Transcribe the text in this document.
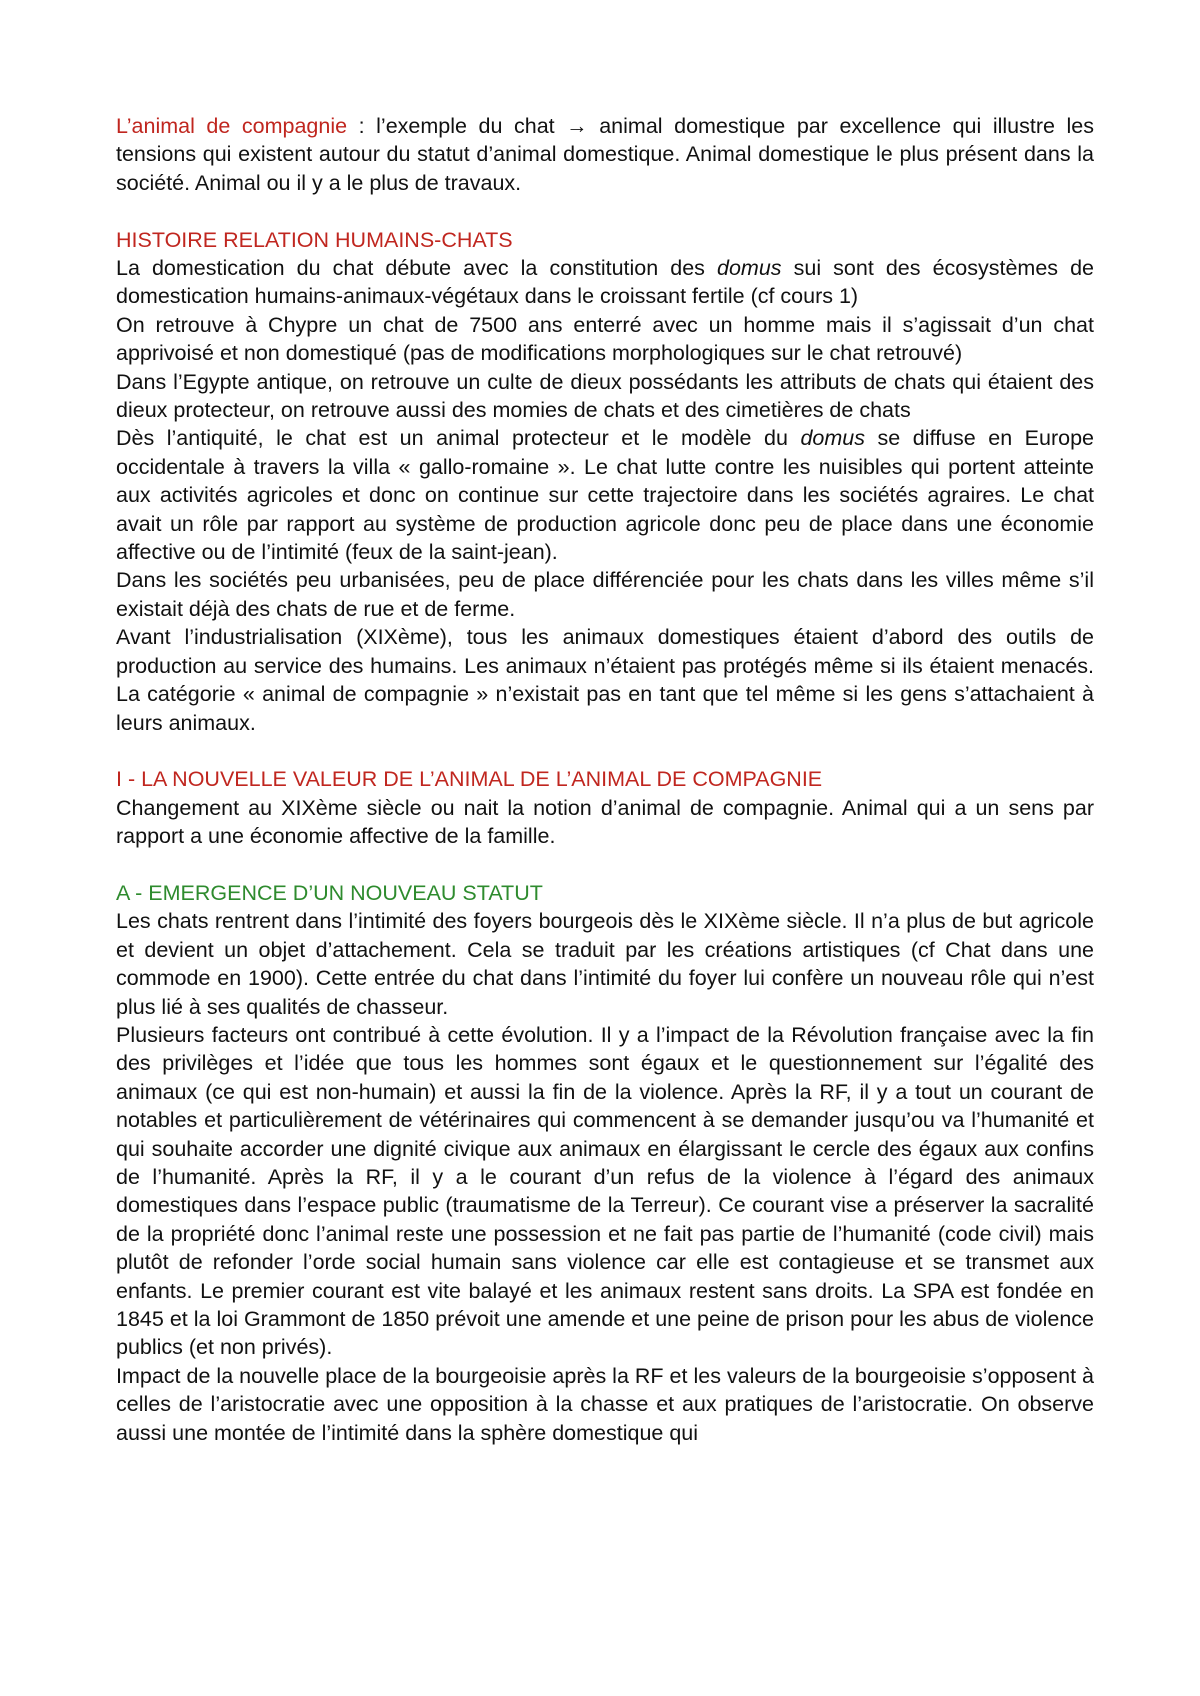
L’animal de compagnie : l’exemple du chat → animal domestique par excellence qui illustre les tensions qui existent autour du statut d’animal domestique. Animal domestique le plus présent dans la société. Animal ou il y a le plus de travaux.

HISTOIRE RELATION HUMAINS-CHATS

La domestication du chat débute avec la constitution des domus sui sont des écosystèmes de domestication humains-animaux-végétaux dans le croissant fertile (cf cours 1)

On retrouve à Chypre un chat de 7500 ans enterré avec un homme mais il s’agissait d’un chat apprivoisé et non domestiqué (pas de modifications morphologiques sur le chat retrouvé)

Dans l’Egypte antique, on retrouve un culte de dieux possédants les attributs de chats qui étaient des dieux protecteur, on retrouve aussi des momies de chats et des cimetières de chats

Dès l’antiquité, le chat est un animal protecteur et le modèle du domus se diffuse en Europe occidentale à travers la villa « gallo-romaine ». Le chat lutte contre les nuisibles qui portent atteinte aux activités agricoles et donc on continue sur cette trajectoire dans les sociétés agraires. Le chat avait un rôle par rapport au système de production agricole donc peu de place dans une économie affective ou de l’intimité (feux de la saint-jean).

Dans les sociétés peu urbanisées, peu de place différenciée pour les chats dans les villes même s’il existait déjà des chats de rue et de ferme.

Avant l’industrialisation (XIXème), tous les animaux domestiques étaient d’abord des outils de production au service des humains. Les animaux n’étaient pas protégés même si ils étaient menacés. La catégorie « animal de compagnie » n’existait pas en tant que tel même si les gens s’attachaient à leurs animaux.

I - LA NOUVELLE VALEUR DE L’ANIMAL DE L’ANIMAL DE COMPAGNIE

Changement au XIXème siècle ou nait la notion d’animal de compagnie. Animal qui a un sens par rapport a une économie affective de la famille.

A - EMERGENCE D’UN NOUVEAU STATUT

Les chats rentrent dans l’intimité des foyers bourgeois dès le XIXème siècle. Il n’a plus de but agricole et devient un objet d’attachement. Cela se traduit par les créations artistiques (cf Chat dans une commode en 1900). Cette entrée du chat dans l’intimité du foyer lui confère un nouveau rôle qui n’est plus lié à ses qualités de chasseur.

Plusieurs facteurs ont contribué à cette évolution. Il y a l’impact de la Révolution française avec la fin des privilèges et l’idée que tous les hommes sont égaux et le questionnement sur l’égalité des animaux (ce qui est non-humain) et aussi la fin de la violence. Après la RF, il y a tout un courant de notables et particulièrement de vétérinaires qui commencent à se demander jusqu’ou va l’humanité et qui souhaite accorder une dignité civique aux animaux en élargissant le cercle des égaux aux confins de l’humanité. Après la RF, il y a le courant d’un refus de la violence à l’égard des animaux domestiques dans l’espace public (traumatisme de la Terreur). Ce courant vise a préserver la sacralité de la propriété donc l’animal reste une possession et ne fait pas partie de l’humanité (code civil) mais plutôt de refonder l’orde social humain sans violence car elle est contagieuse et se transmet aux enfants. Le premier courant est vite balayé et les animaux restent sans droits. La SPA est fondée en 1845 et la loi Grammont de 1850 prévoit une amende et une peine de prison pour les abus de violence publics (et non privés).

Impact de la nouvelle place de la bourgeoisie après la RF et les valeurs de la bourgeoisie s’opposent à celles de l’aristocratie avec une opposition à la chasse et aux pratiques de l’aristocratie. On observe aussi une montée de l’intimité dans la sphère domestique qui
